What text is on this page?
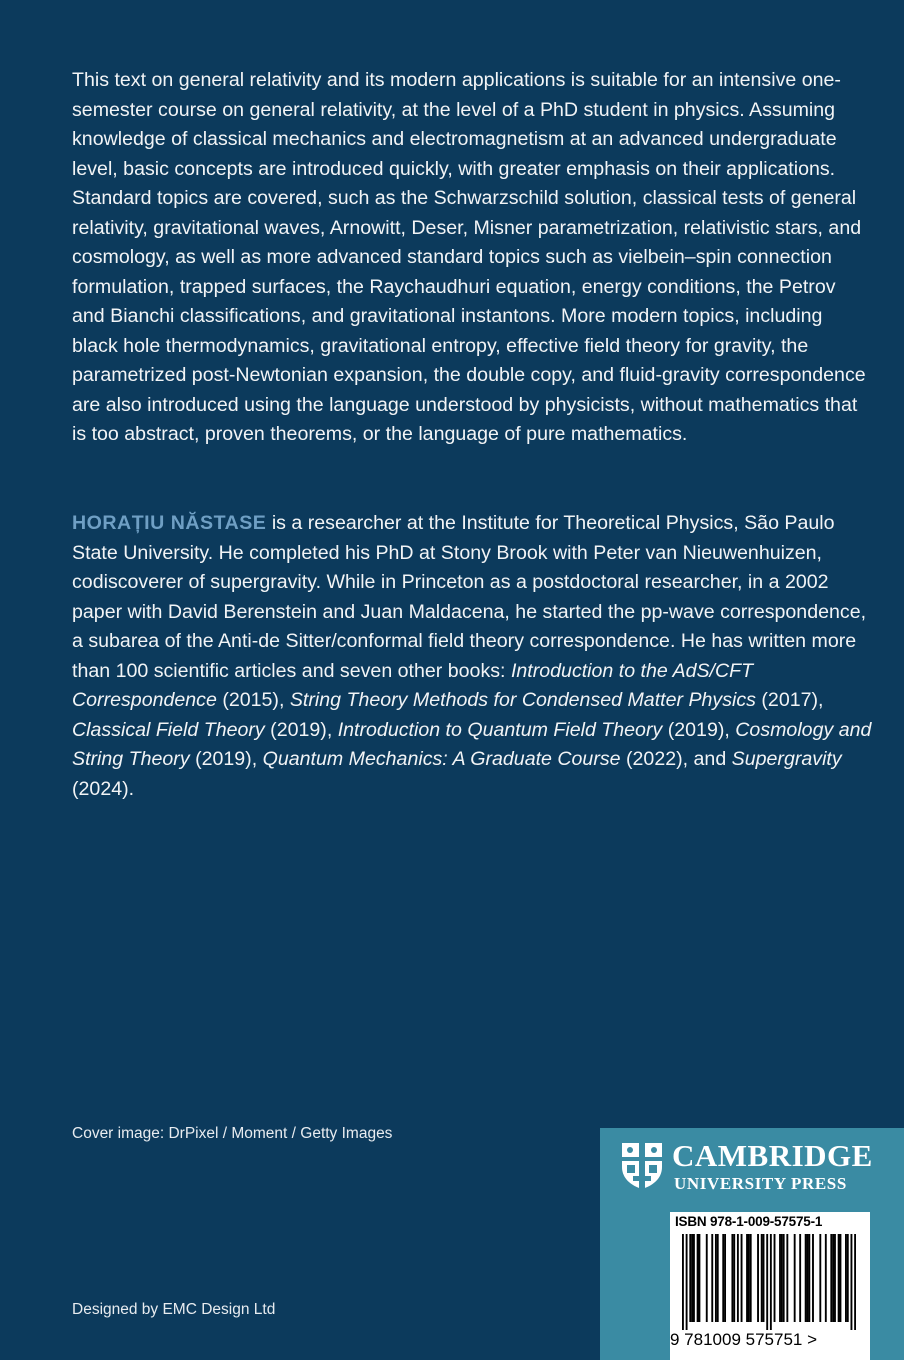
This text on general relativity and its modern applications is suitable for an intensive one-semester course on general relativity, at the level of a PhD student in physics. Assuming knowledge of classical mechanics and electromagnetism at an advanced undergraduate level, basic concepts are introduced quickly, with greater emphasis on their applications. Standard topics are covered, such as the Schwarzschild solution, classical tests of general relativity, gravitational waves, Arnowitt, Deser, Misner parametrization, relativistic stars, and cosmology, as well as more advanced standard topics such as vielbein–spin connection formulation, trapped surfaces, the Raychaudhuri equation, energy conditions, the Petrov and Bianchi classifications, and gravitational instantons. More modern topics, including black hole thermodynamics, gravitational entropy, effective field theory for gravity, the parametrized post-Newtonian expansion, the double copy, and fluid-gravity correspondence are also introduced using the language understood by physicists, without mathematics that is too abstract, proven theorems, or the language of pure mathematics.

HORAȚIU NĂSTASE is a researcher at the Institute for Theoretical Physics, São Paulo State University. He completed his PhD at Stony Brook with Peter van Nieuwenhuizen, codiscoverer of supergravity. While in Princeton as a postdoctoral researcher, in a 2002 paper with David Berenstein and Juan Maldacena, he started the pp-wave correspondence, a subarea of the Anti-de Sitter/conformal field theory correspondence. He has written more than 100 scientific articles and seven other books: Introduction to the AdS/CFT Correspondence (2015), String Theory Methods for Condensed Matter Physics (2017), Classical Field Theory (2019), Introduction to Quantum Field Theory (2019), Cosmology and String Theory (2019), Quantum Mechanics: A Graduate Course (2022), and Supergravity (2024).

Cover image: DrPixel / Moment / Getty Images
Designed by EMC Design Ltd
CAMBRIDGE
UNIVERSITY PRESS
ISBN 978-1-009-57575-1
9 781009 575751 >
